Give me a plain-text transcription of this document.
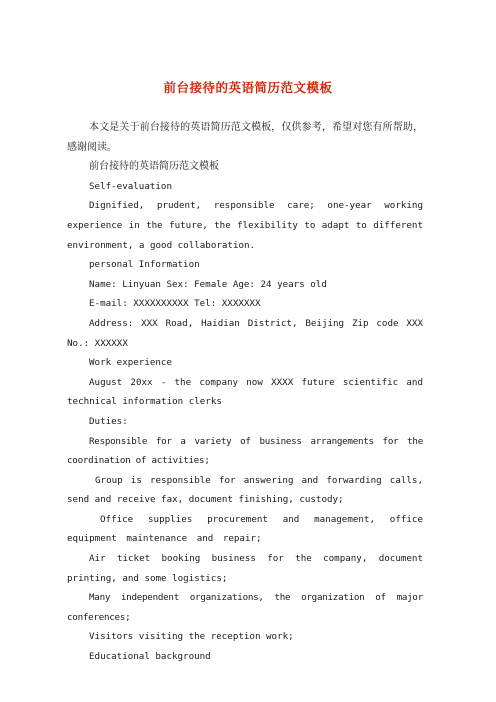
前台接待的英语简历范文模板

本文是关于前台接待的英语简历范文模板，仅供参考，希望对您有所帮助，感谢阅读。

前台接待的英语简历范文模板

Self-evaluation

Dignified, prudent, responsible care; one-year working experience in the future, the flexibility to adapt to different environment, a good collaboration.

personal Information

Name: Linyuan Sex: Female Age: 24 years old

E-mail: XXXXXXXXXX Tel: XXXXXXX

Address: XXX Road, Haidian District, Beijing Zip code XXX No.: XXXXXX

Work experience

August 20xx - the company now XXXX future scientific and technical information clerks

Duties:

Responsible for a variety of business arrangements for the coordination of activities;

Group is responsible for answering and forwarding calls, send and receive fax, document finishing, custody;

Office supplies procurement and management, office equipment maintenance and repair;

Air ticket booking business for the company, document printing, and some logistics;

Many independent organizations, the organization of major conferences;

Visitors visiting the reception work;

Educational background
